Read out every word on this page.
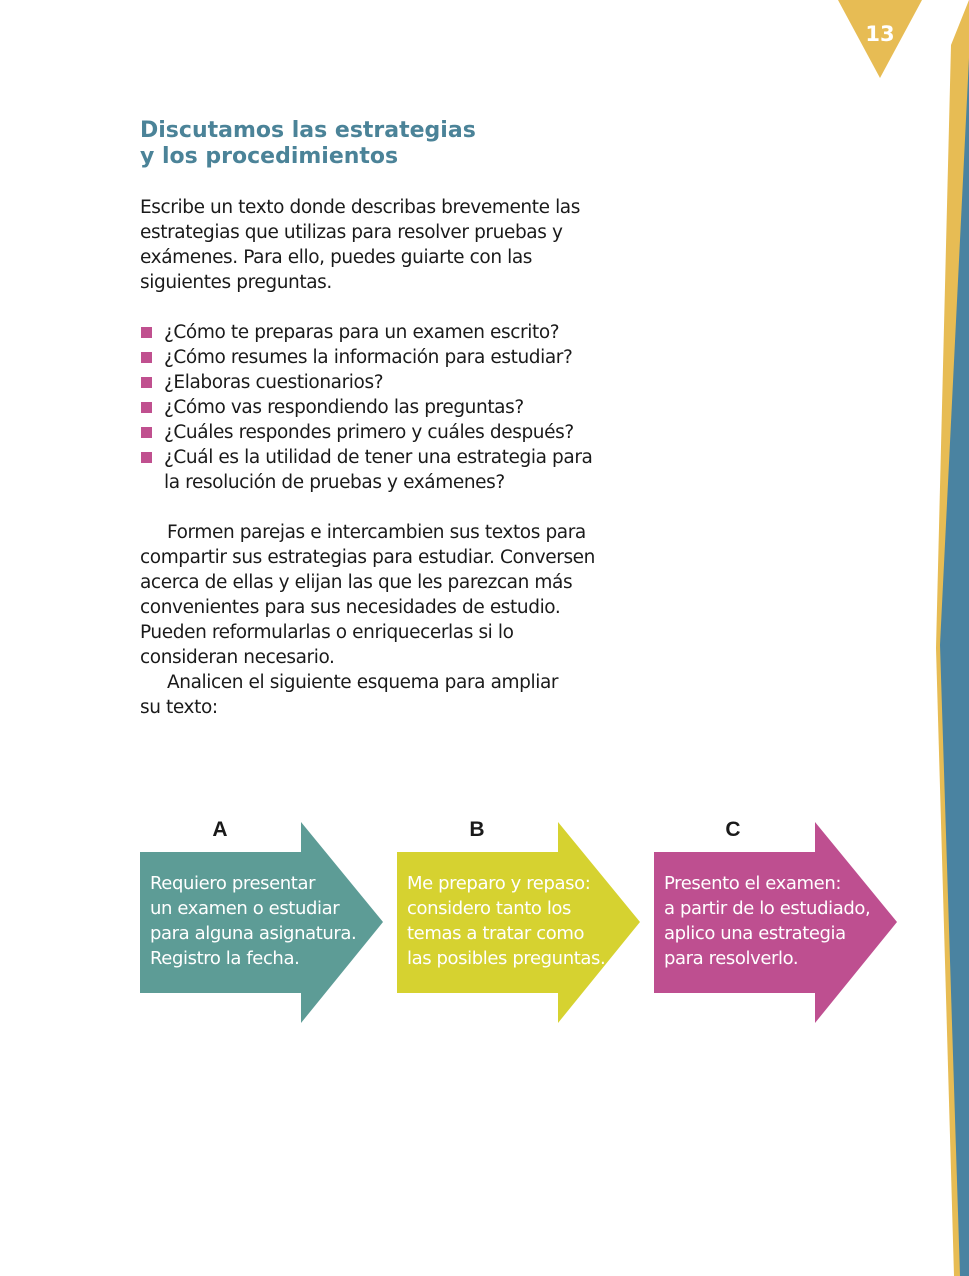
13
Discutamos las estrategias
y los procedimientos

Escribe un texto donde describas brevemente las
estrategias que utilizas para resolver pruebas y
exámenes. Para ello, puedes guiarte con las
siguientes preguntas.

¿Cómo te preparas para un examen escrito?
¿Cómo resumes la información para estudiar?
¿Elaboras cuestionarios?
¿Cómo vas respondiendo las preguntas?
¿Cuáles respondes primero y cuáles después?
¿Cuál es la utilidad de tener una estrategia para
la resolución de pruebas y exámenes?
Formen parejas e intercambien sus textos para
compartir sus estrategias para estudiar. Conversen
acerca de ellas y elijan las que les parezcan más
convenientes para sus necesidades de estudio.
Pueden reformularlas o enriquecerlas si lo
consideran necesario.
Analicen el siguiente esquema para ampliar
su texto:
A	B	C
Requiero presentar
un examen o estudiar
para alguna asignatura.
Registro la fecha.
Me preparo y repaso:
considero tanto los
temas a tratar como
las posibles preguntas.
Presento el examen:
a partir de lo estudiado,
aplico una estrategia
para resolverlo.
